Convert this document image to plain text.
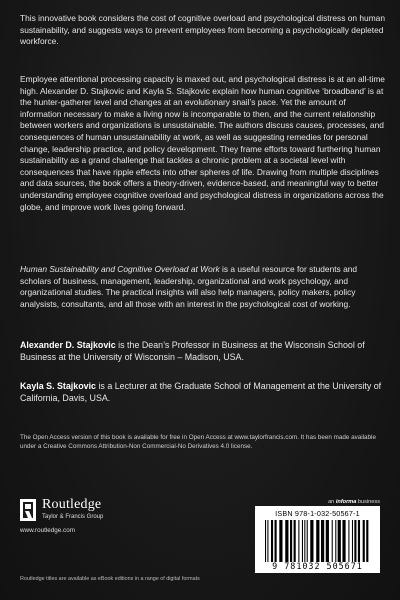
This innovative book considers the cost of cognitive overload and psychological distress on human sustainability, and suggests ways to prevent employees from becoming a psychologically depleted workforce.

Employee attentional processing capacity is maxed out, and psychological distress is at an all-time high. Alexander D. Stajkovic and Kayla S. Stajkovic explain how human cognitive ‘broadband’ is at the hunter-gatherer level and changes at an evolutionary snail’s pace. Yet the amount of information necessary to make a living now is incomparable to then, and the current relationship between workers and organizations is unsustainable. The authors discuss causes, processes, and consequences of human unsustainability at work, as well as suggesting remedies for personal change, leadership practice, and policy development. They frame efforts toward furthering human sustainability as a grand challenge that tackles a chronic problem at a societal level with consequences that have ripple effects into other spheres of life. Drawing from multiple disciplines and data sources, the book offers a theory-driven, evidence-based, and meaningful way to better understanding employee cognitive overload and psychological distress in organizations across the globe, and improve work lives going forward.

Human Sustainability and Cognitive Overload at Work is a useful resource for students and scholars of business, management, leadership, organizational and work psychology, and organizational studies. The practical insights will also help managers, policy makers, policy analysists, consultants, and all those with an interest in the psychological cost of working.

Alexander D. Stajkovic is the Dean’s Professor in Business at the Wisconsin School of Business at the University of Wisconsin – Madison, USA.

Kayla S. Stajkovic is a Lecturer at the Graduate School of Management at the University of California, Davis, USA.

The Open Access version of this book is available for free in Open Access at www.taylorfrancis.com. It has been made available under a Creative Commons Attribution-Non Commercial-No Derivatives 4.0 license.

Routledge
Taylor & Francis Group
www.routledge.com
an informa business
ISBN 978-1-032-50567-1
9 781032 505671
Routledge titles are available as eBook editions in a range of digital formats
